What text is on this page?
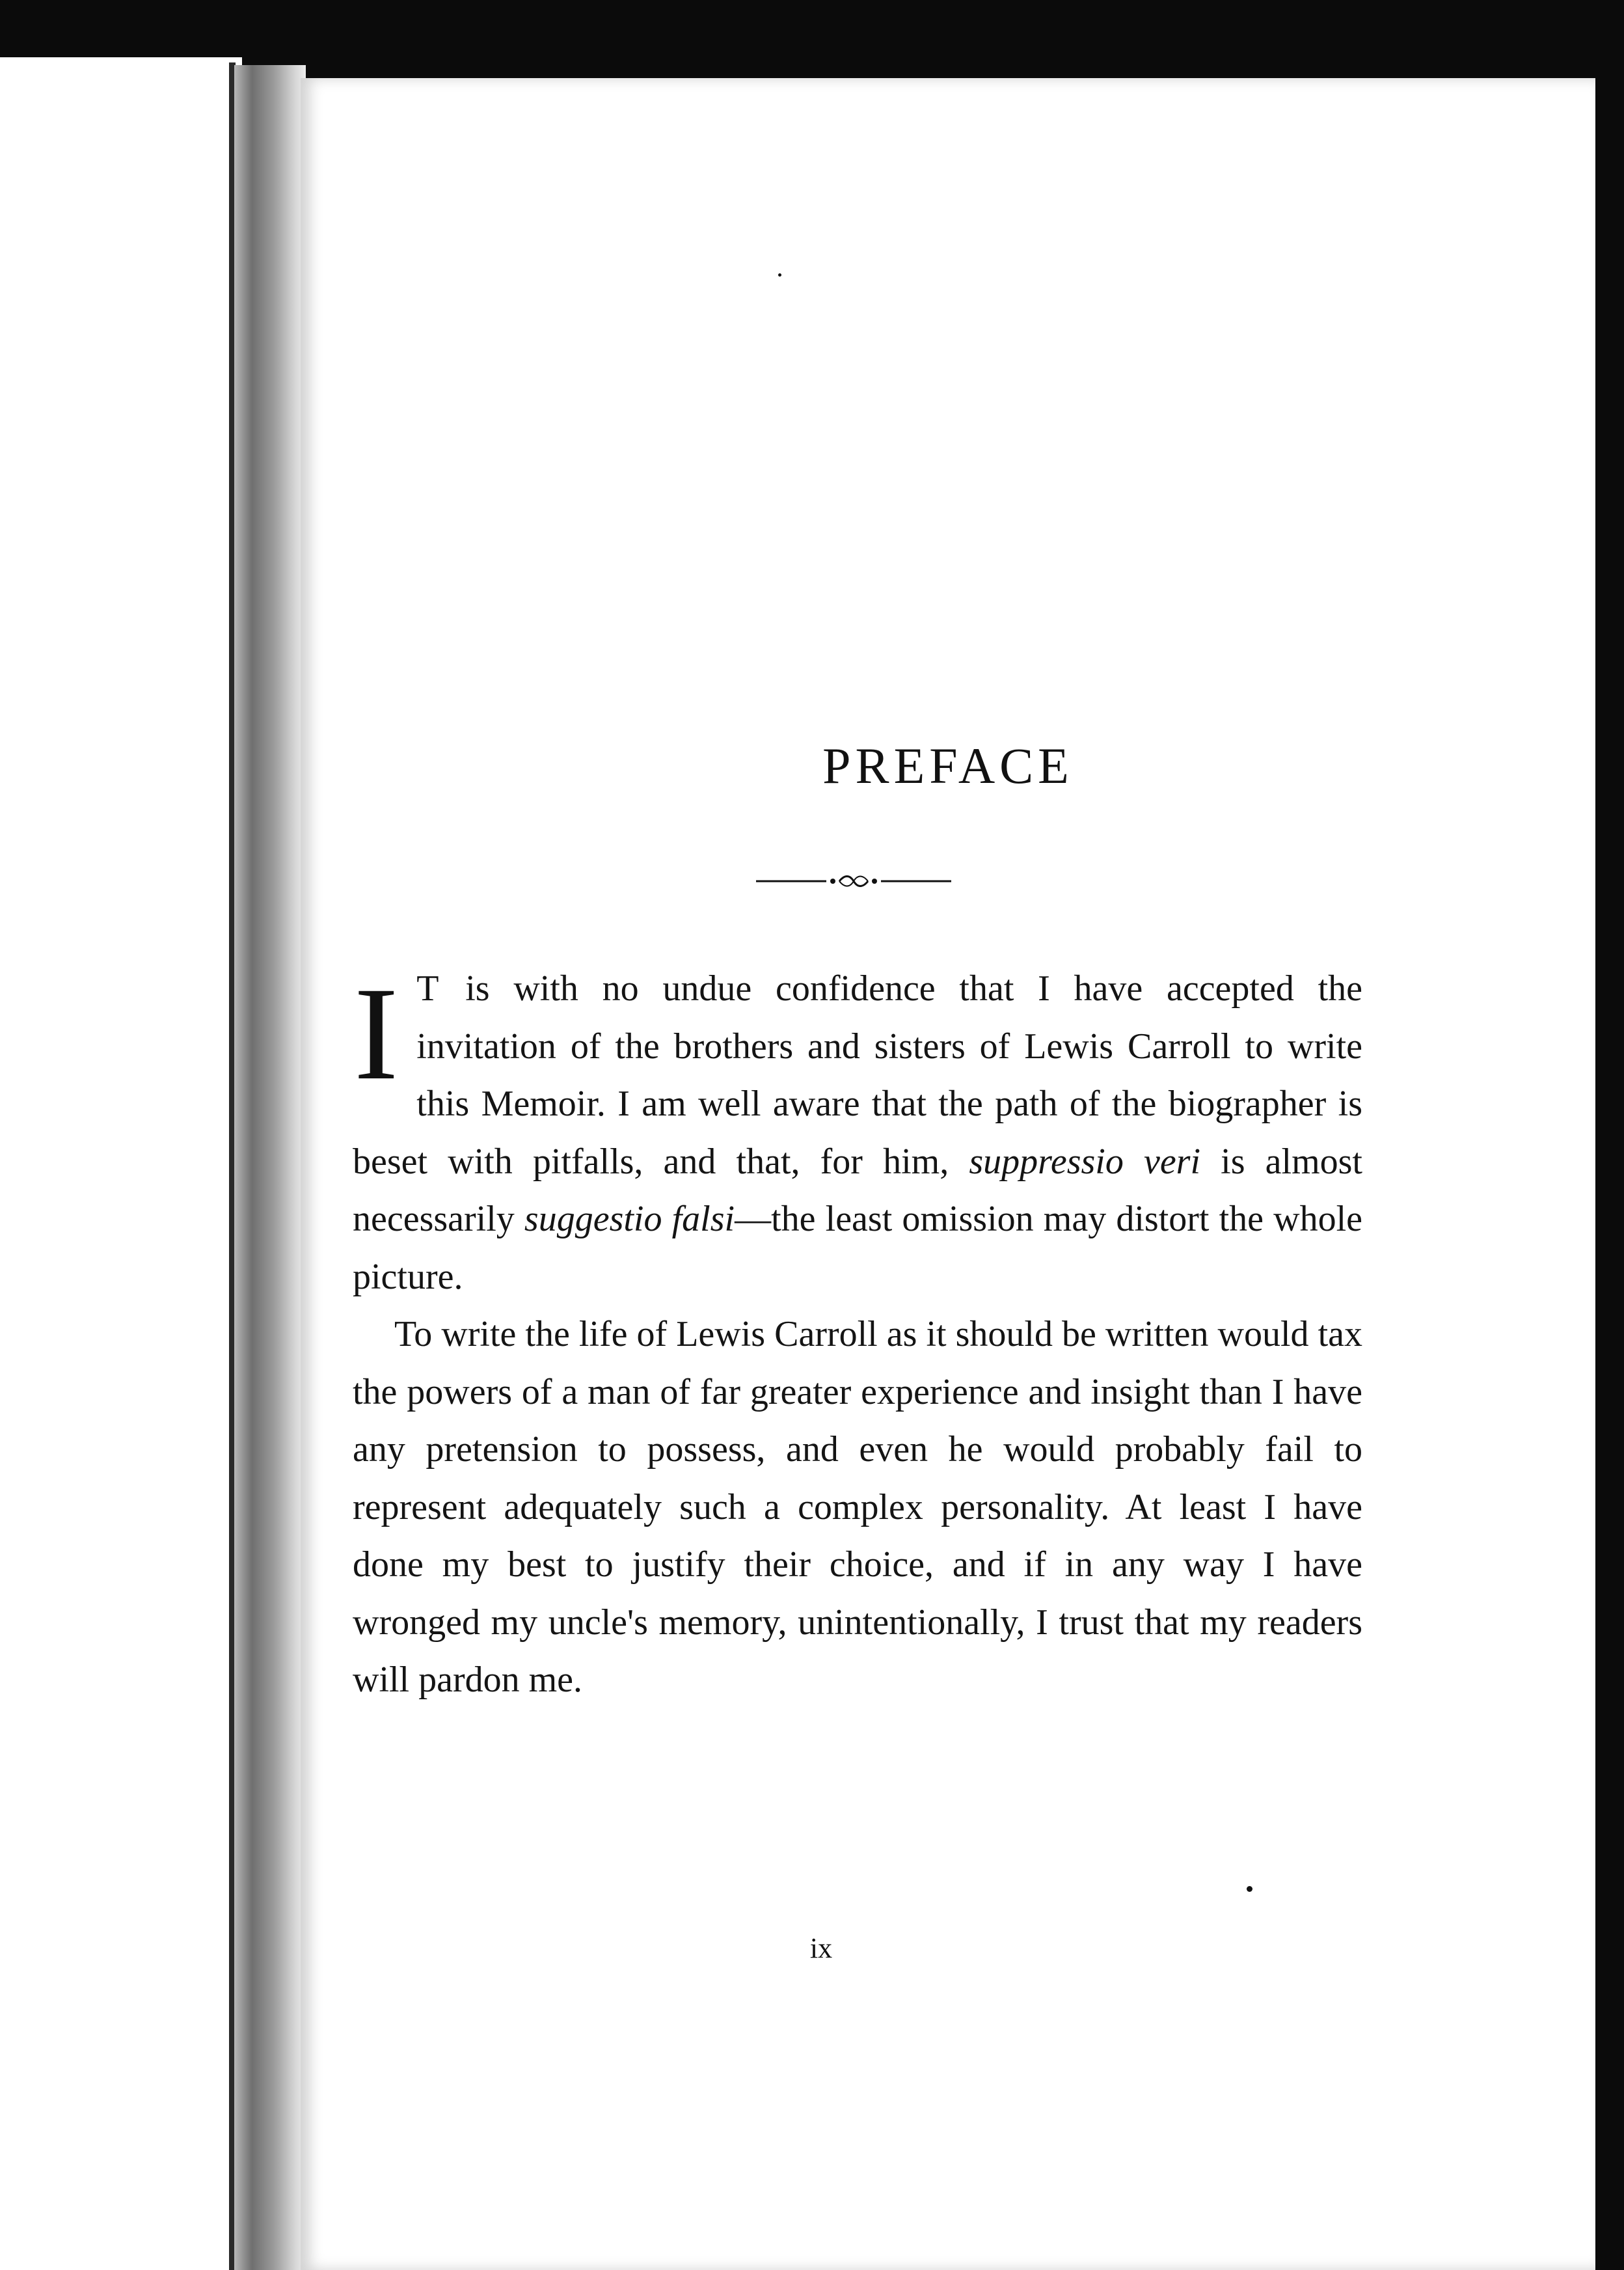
PREFACE

I T is with no undue confidence that I have accepted the invitation of the brothers and sisters of Lewis Carroll to write this Memoir. I am well aware that the path of the biographer is beset with pitfalls, and that, for him, suppressio veri is almost necessarily suggestio falsi—the least omission may distort the whole picture.

To write the life of Lewis Carroll as it should be written would tax the powers of a man of far greater experience and insight than I have any pretension to possess, and even he would probably fail to represent adequately such a complex personality. At least I have done my best to justify their choice, and if in any way I have wronged my uncle's memory, unintentionally, I trust that my readers will pardon me.

ix
